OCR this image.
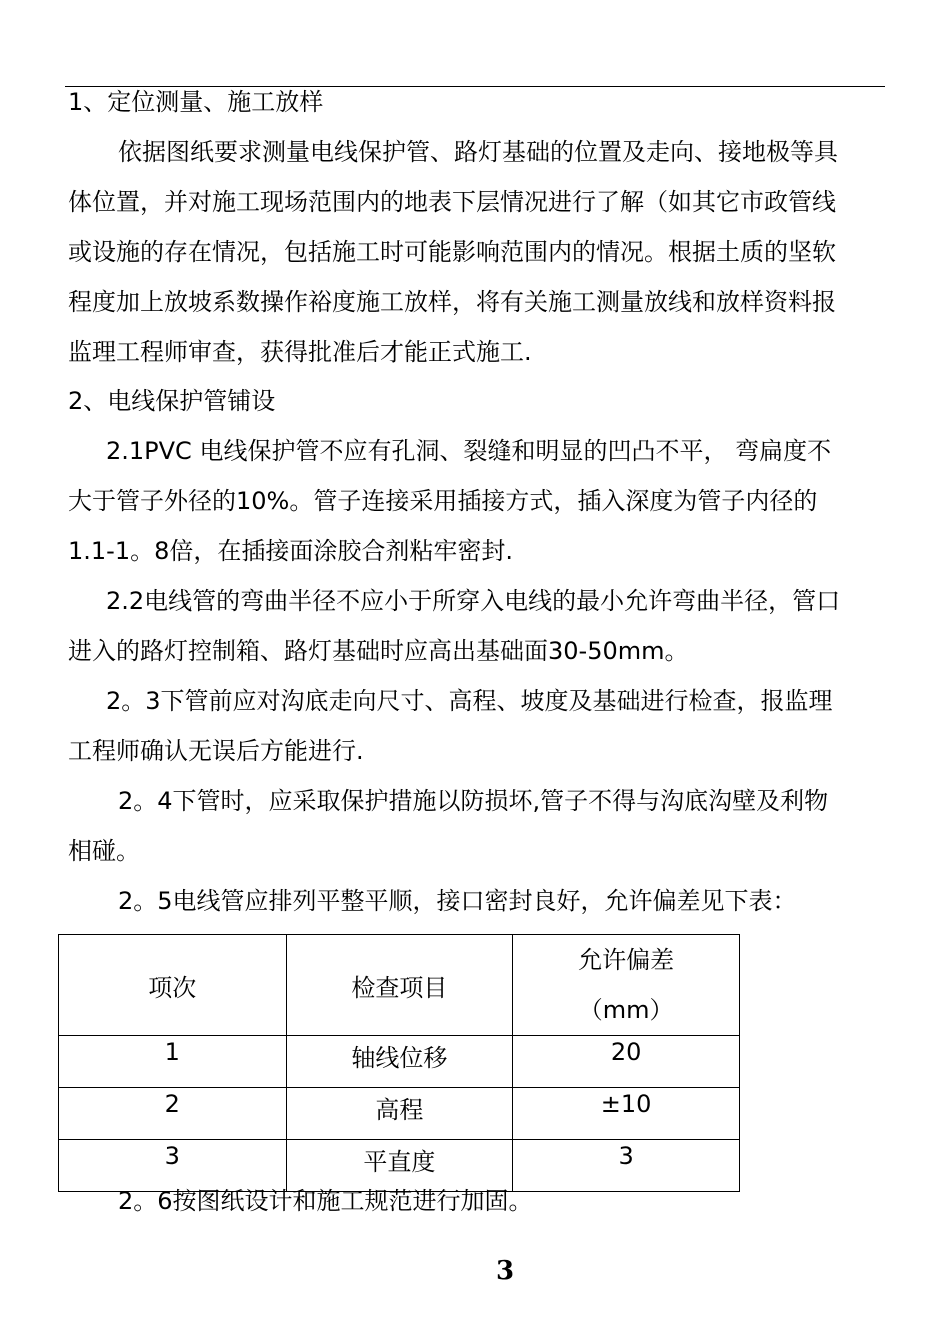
1、定位测量、施工放样
依据图纸要求测量电线保护管、路灯基础的位置及走向、接地极等具
体位置，并对施工现场范围内的地表下层情况进行了解（如其它市政管线
或设施的存在情况，包括施工时可能影响范围内的情况。根据土质的坚软
程度加上放坡系数操作裕度施工放样，将有关施工测量放线和放样资料报
监理工程师审查，获得批准后才能正式施工.
2、电线保护管铺设
2.1PVC 电线保护管不应有孔洞、裂缝和明显的凹凸不平， 弯扁度不
大于管子外径的10%。管子连接采用插接方式，插入深度为管子内径的
1.1-1。8倍，在插接面涂胶合剂粘牢密封.
2.2电线管的弯曲半径不应小于所穿入电线的最小允许弯曲半径，管口
进入的路灯控制箱、路灯基础时应高出基础面30-50mm。
2。3下管前应对沟底走向尺寸、高程、坡度及基础进行检查，报监理
工程师确认无误后方能进行.
2。4下管时，应采取保护措施以防损坏,管子不得与沟底沟壁及利物
相碰。
2。5电线管应排列平整平顺，接口密封良好，允许偏差见下表：
项次	检查项目	允许偏差
（mm）

1	轴线位移	20
2	高程	±10
3	平直度	3
2。6按图纸设计和施工规范进行加固。
3
